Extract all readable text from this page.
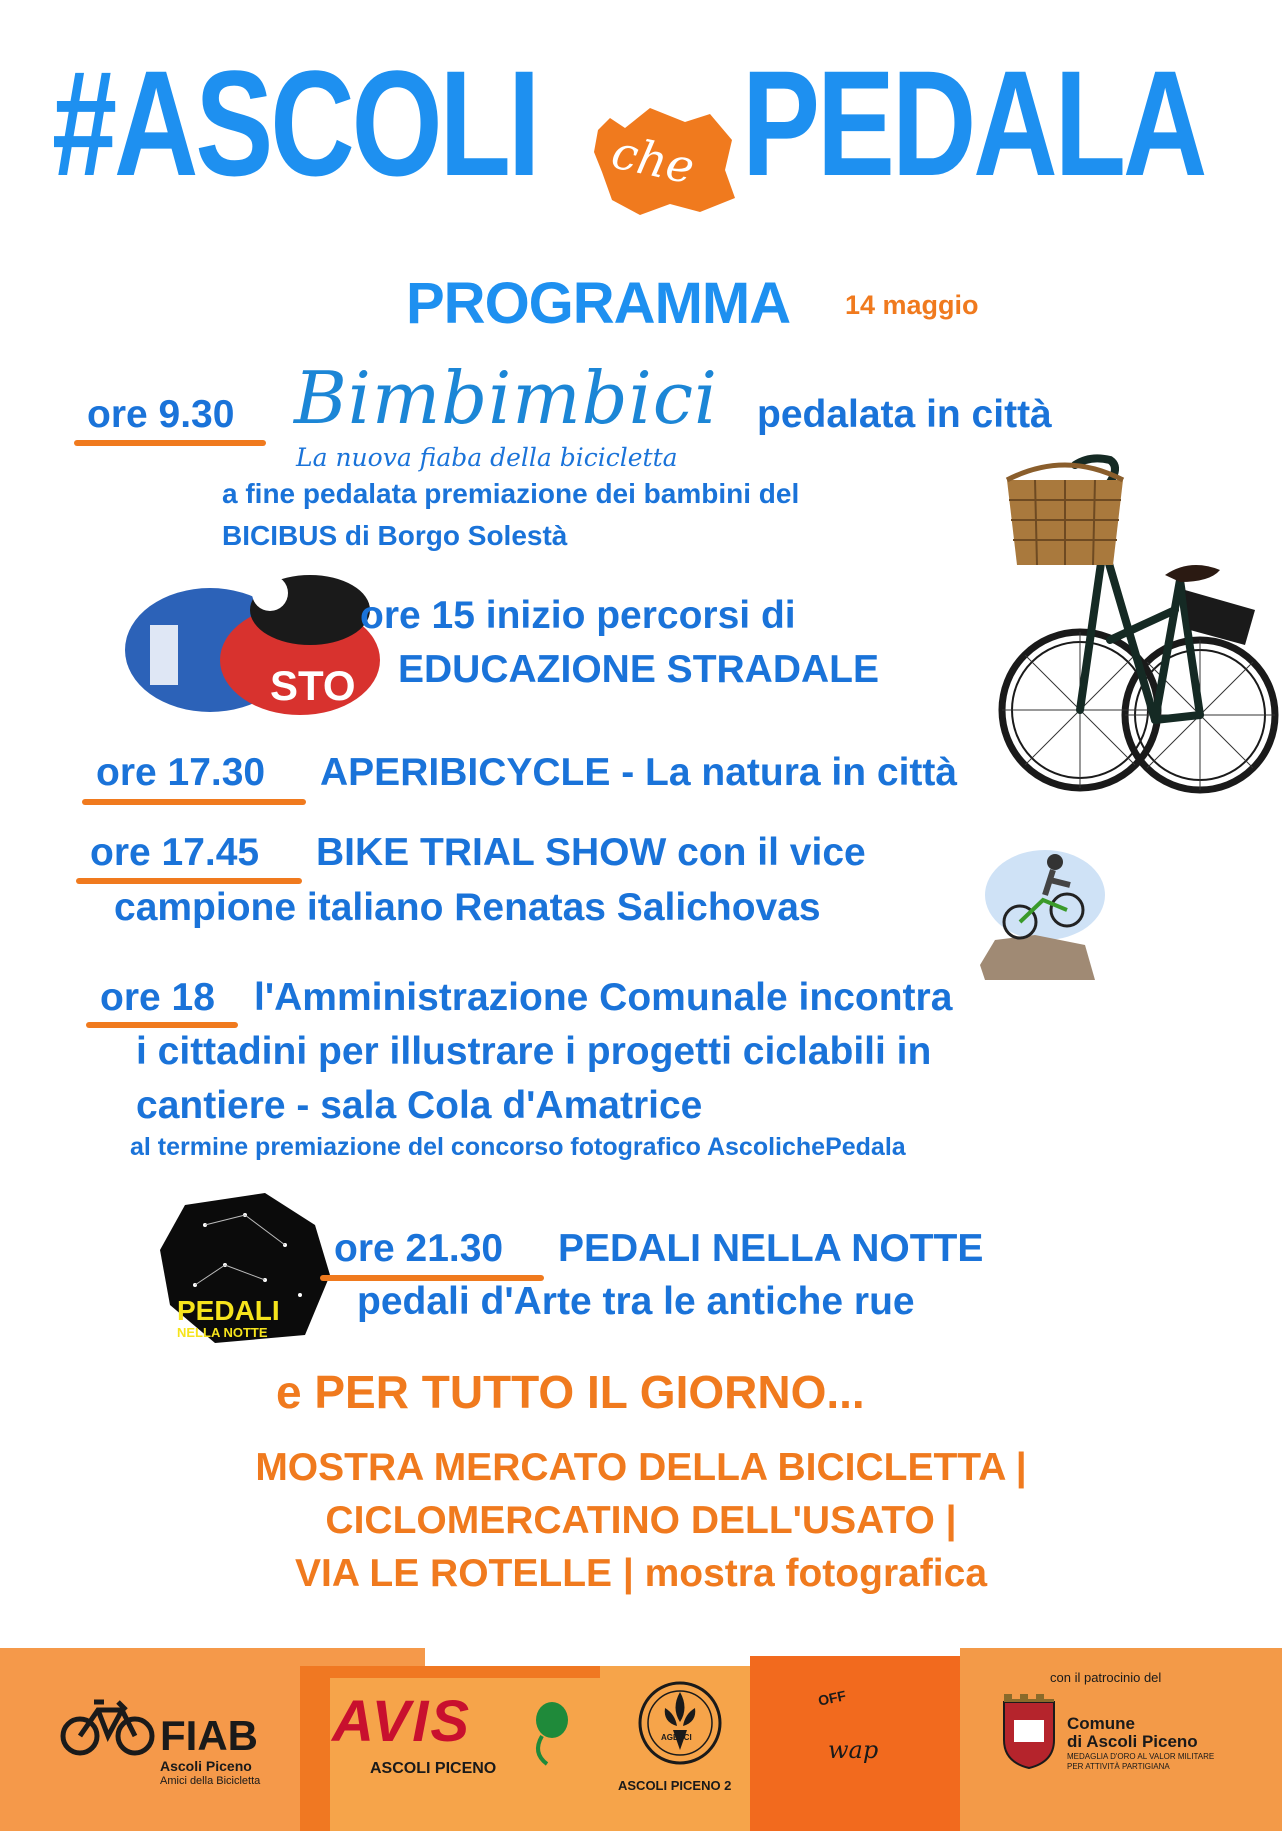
#ASCOLI che PEDALA
PROGRAMMA 14 maggio
ore 9.30 Bimbimbici
La nuova fiaba della bicicletta
pedalata in città
a fine pedalata premiazione dei bambini del
BICIBUS di Borgo Solestà
STO
ore 15 inizio percorsi di
EDUCAZIONE STRADALE
ore 17.30 APERIBICYCLE - La natura in città
ore 17.45 BIKE TRIAL SHOW con il vice
campione italiano Renatas Salichovas
ore 18 l'Amministrazione Comunale incontra
i cittadini per illustrare i progetti ciclabili in
cantiere - sala Cola d'Amatrice
al termine premiazione del concorso fotografico AscolichePedala
PEDALI
NELLA NOTTE
ore 21.30 PEDALI NELLA NOTTE
pedali d'Arte tra le antiche rue
e PER TUTTO IL GIORNO...
MOSTRA MERCATO DELLA BICICLETTA |
CICLOMERCATINO DELL'USATO |
VIA LE ROTELLE | mostra fotografica
FIAB
Ascoli Piceno
Amici della Bicicletta
AVIS
ASCOLI PICENO
AGESCI
ASCOLI PICENO 2
OFF
wap
con il patrocinio del
Comune
di Ascoli Piceno
MEDAGLIA D'ORO AL VALOR MILITARE
PER ATTIVITÀ PARTIGIANA
